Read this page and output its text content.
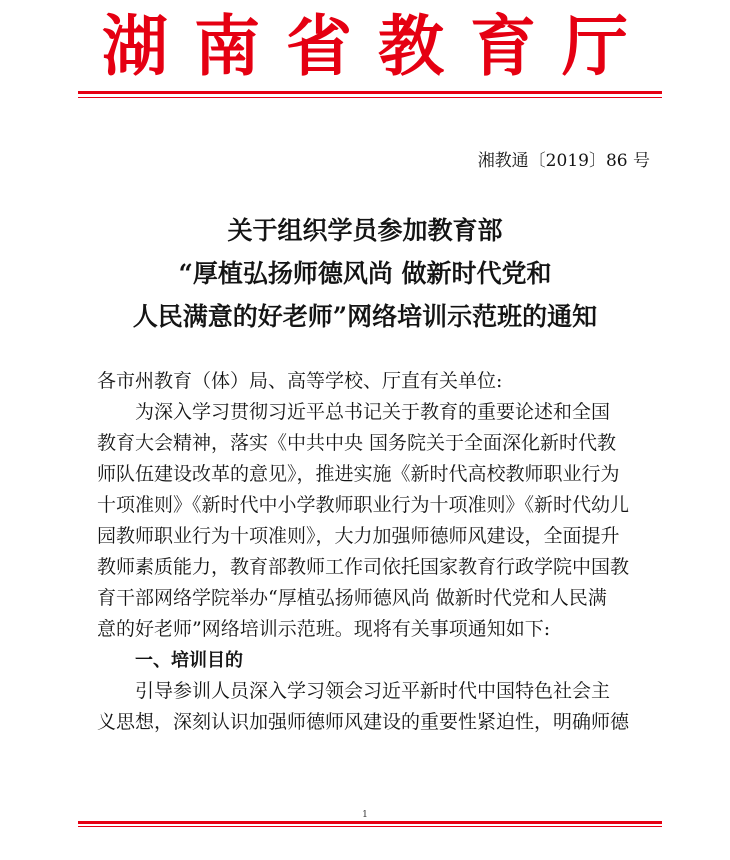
湖南省教育厅
湘教通〔2019〕86 号
关于组织学员参加教育部
“厚植弘扬师德风尚 做新时代党和
人民满意的好老师”网络培训示范班的通知
各市州教育（体）局、高等学校、厅直有关单位:
为深入学习贯彻习近平总书记关于教育的重要论述和全国
教育大会精神，落实《中共中央 国务院关于全面深化新时代教
师队伍建设改革的意见》，推进实施《新时代高校教师职业行为
十项准则》《新时代中小学教师职业行为十项准则》《新时代幼儿
园教师职业行为十项准则》，大力加强师德师风建设，全面提升
教师素质能力，教育部教师工作司依托国家教育行政学院中国教
育干部网络学院举办“厚植弘扬师德风尚 做新时代党和人民满
意的好老师”网络培训示范班。现将有关事项通知如下:
一、培训目的
引导参训人员深入学习领会习近平新时代中国特色社会主
义思想，深刻认识加强师德师风建设的重要性紧迫性，明确师德
1
